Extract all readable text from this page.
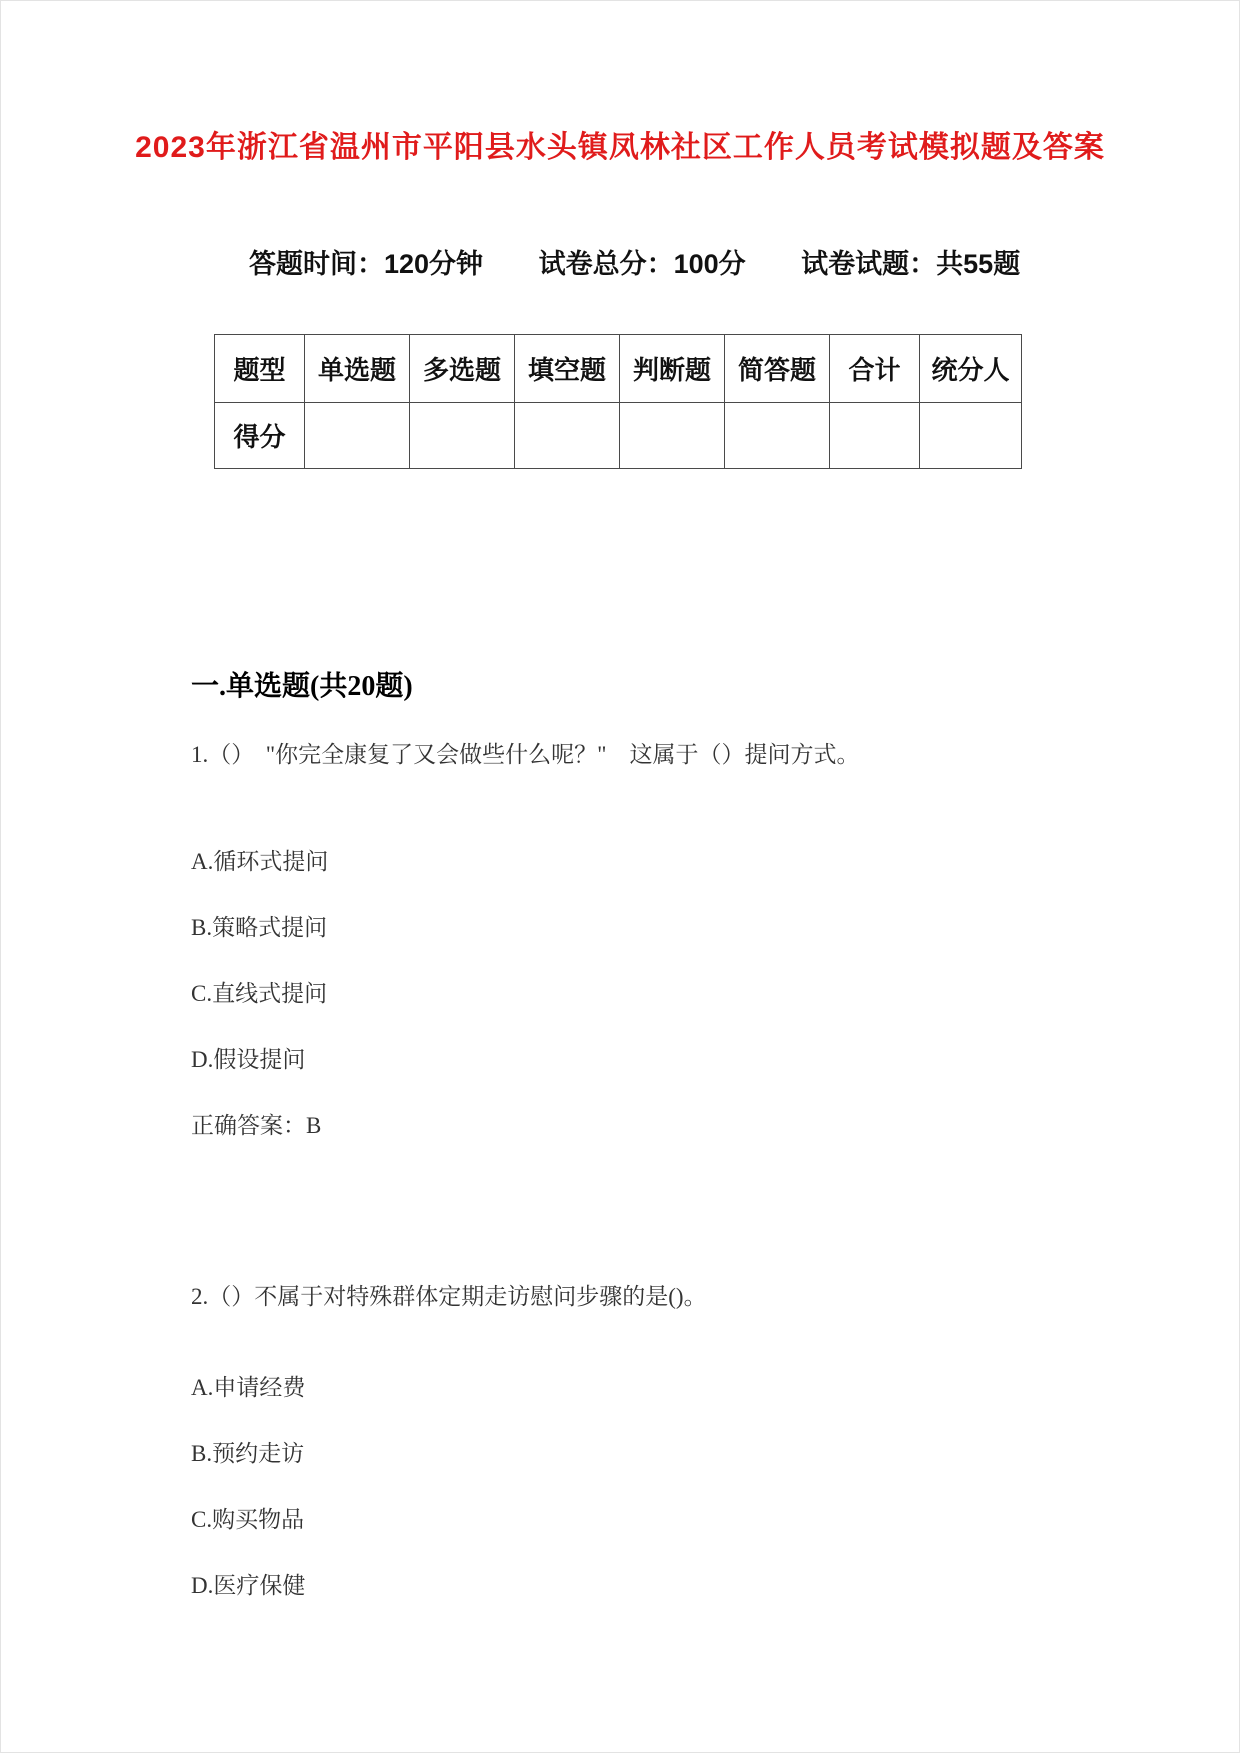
2023年浙江省温州市平阳县水头镇凤林社区工作人员考试模拟题及答案
答题时间：120分钟 试卷总分：100分 试卷试题：共55题
题型	单选题	多选题	填空题	判断题	简答题	合计	统分人
得分							
一.单选题(共20题)

1.（）　"你完全康复了又会做些什么呢？"　这属于（）提问方式。

A.循环式提问

B.策略式提问

C.直线式提问

D.假设提问

正确答案：B

2.（）不属于对特殊群体定期走访慰问步骤的是()。

A.申请经费

B.预约走访

C.购买物品

D.医疗保健
